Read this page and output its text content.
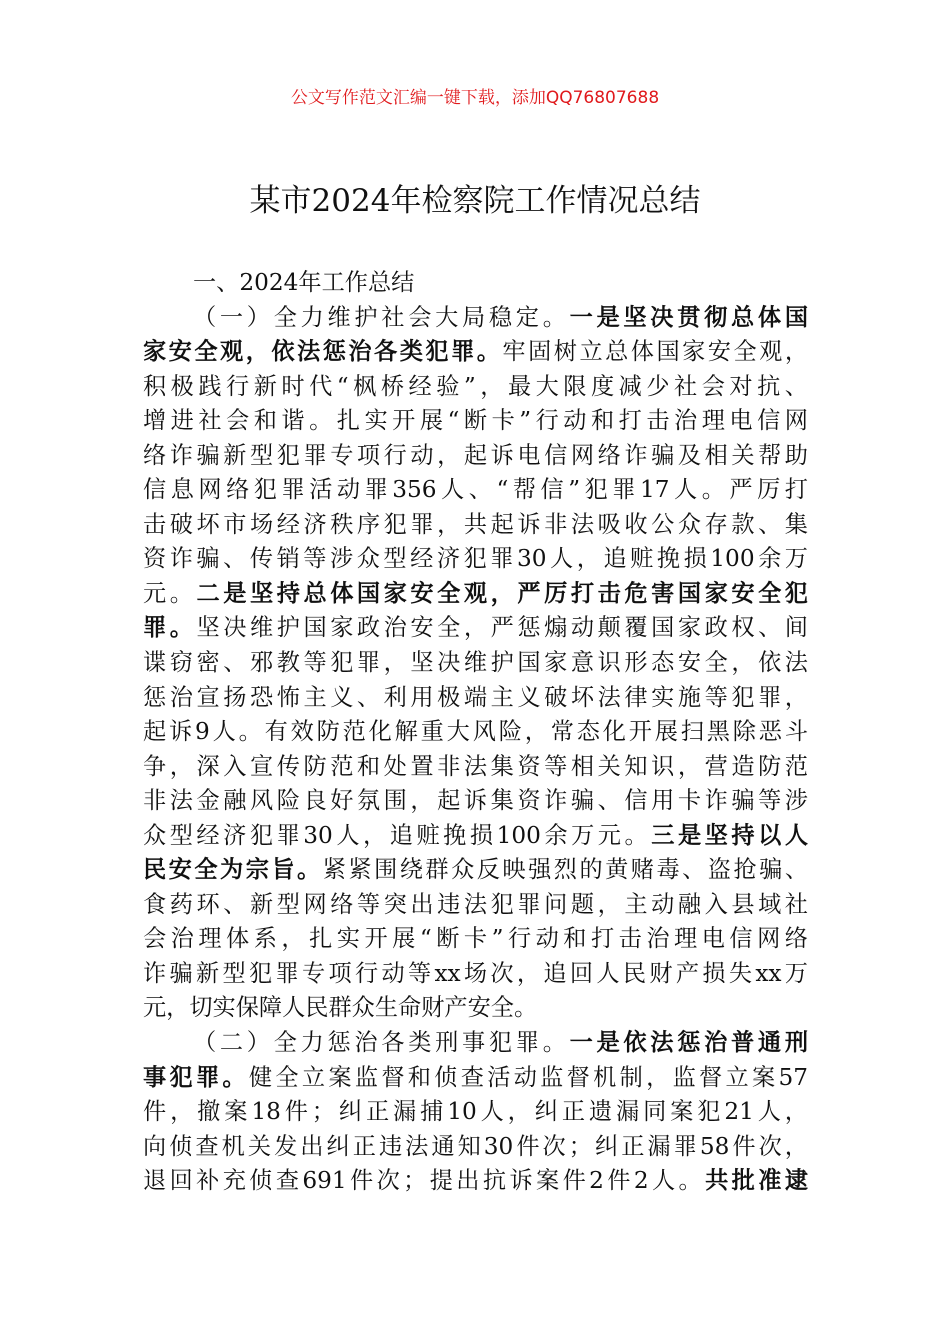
公文写作范文汇编一键下载，添加QQ76807688
某市2024年检察院工作情况总结
一、2024年工作总结
（一）全力维护社会大局稳定。一是坚决贯彻总体国
家安全观，依法惩治各类犯罪。牢固树立总体国家安全观，
积极践行新时代“枫桥经验”，最大限度减少社会对抗、
增进社会和谐。扎实开展“断卡”行动和打击治理电信网
络诈骗新型犯罪专项行动，起诉电信网络诈骗及相关帮助
信息网络犯罪活动罪356人、“帮信”犯罪17人。严厉打
击破坏市场经济秩序犯罪，共起诉非法吸收公众存款、集
资诈骗、传销等涉众型经济犯罪30人，追赃挽损100余万
元。二是坚持总体国家安全观，严厉打击危害国家安全犯
罪。坚决维护国家政治安全，严惩煽动颠覆国家政权、间
谍窃密、邪教等犯罪，坚决维护国家意识形态安全，依法
惩治宣扬恐怖主义、利用极端主义破坏法律实施等犯罪，
起诉9人。有效防范化解重大风险，常态化开展扫黑除恶斗
争，深入宣传防范和处置非法集资等相关知识，营造防范
非法金融风险良好氛围，起诉集资诈骗、信用卡诈骗等涉
众型经济犯罪30人，追赃挽损100余万元。三是坚持以人
民安全为宗旨。紧紧围绕群众反映强烈的黄赌毒、盗抢骗、
食药环、新型网络等突出违法犯罪问题，主动融入县域社
会治理体系，扎实开展“断卡”行动和打击治理电信网络
诈骗新型犯罪专项行动等xx场次，追回人民财产损失xx万
元，切实保障人民群众生命财产安全。
（二）全力惩治各类刑事犯罪。一是依法惩治普通刑
事犯罪。健全立案监督和侦查活动监督机制，监督立案57
件，撤案18件；纠正漏捕10人，纠正遗漏同案犯21人，
向侦查机关发出纠正违法通知30件次；纠正漏罪58件次，
退回补充侦查691件次；提出抗诉案件2件2人。共批准逮
